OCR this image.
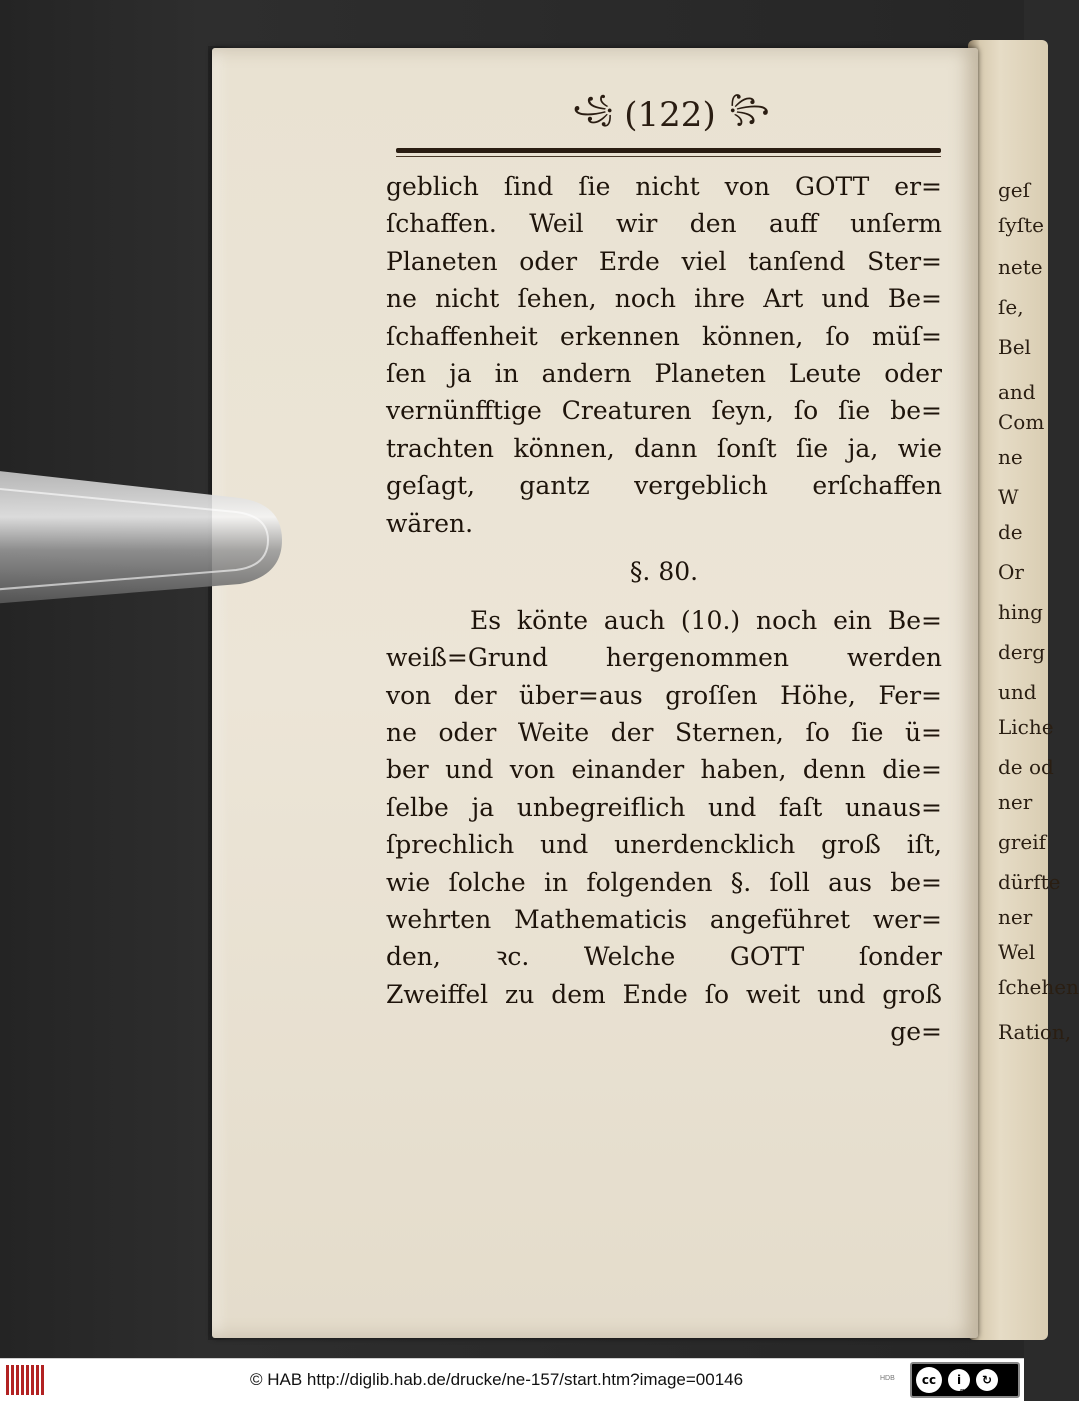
geſ
ſyſte
nete
ſe,
Bel
and
Com
ne
W
de
Or
hing
derg
und
Liche
de od
ner
greif
dürfte
ner
Wel
ſchehen
Ration,
꧁ (122) ꧂
geblich ſind ſie nicht von GOTT er=
ſchaffen. Weil wir den auff unſerm
Planeten oder Erde viel tanſend Ster=
ne nicht ſehen, noch ihre Art und Be=
ſchaffenheit erkennen können, ſo müſ=
ſen ja in andern Planeten Leute oder
vernünfftige Creaturen ſeyn, ſo ſie be=
trachten können, dann ſonſt ſie ja, wie
geſagt, gantz vergeblich erſchaffen
wären.
§. 80.
Es könte auch (10.) noch ein Be=
weiß=Grund hergenommen werden
von der über=aus groſſen Höhe, Fer=
ne oder Weite der Sternen, ſo ſie ü=
ber und von einander haben, denn die=
ſelbe ja unbegreiflich und faſt unaus=
ſprechlich und unerdencklich groß iſt,
wie ſolche in folgenden §. ſoll aus be=
wehrten Mathematicis angeführet wer=
den, ꝛc. Welche GOTT ſonder
Zweiffel zu dem Ende ſo weit und groß
ge=
© HAB http://diglib.hab.de/drucke/ne-157/start.htm?image=00146	HDB	cc	i	↻
BYSA
